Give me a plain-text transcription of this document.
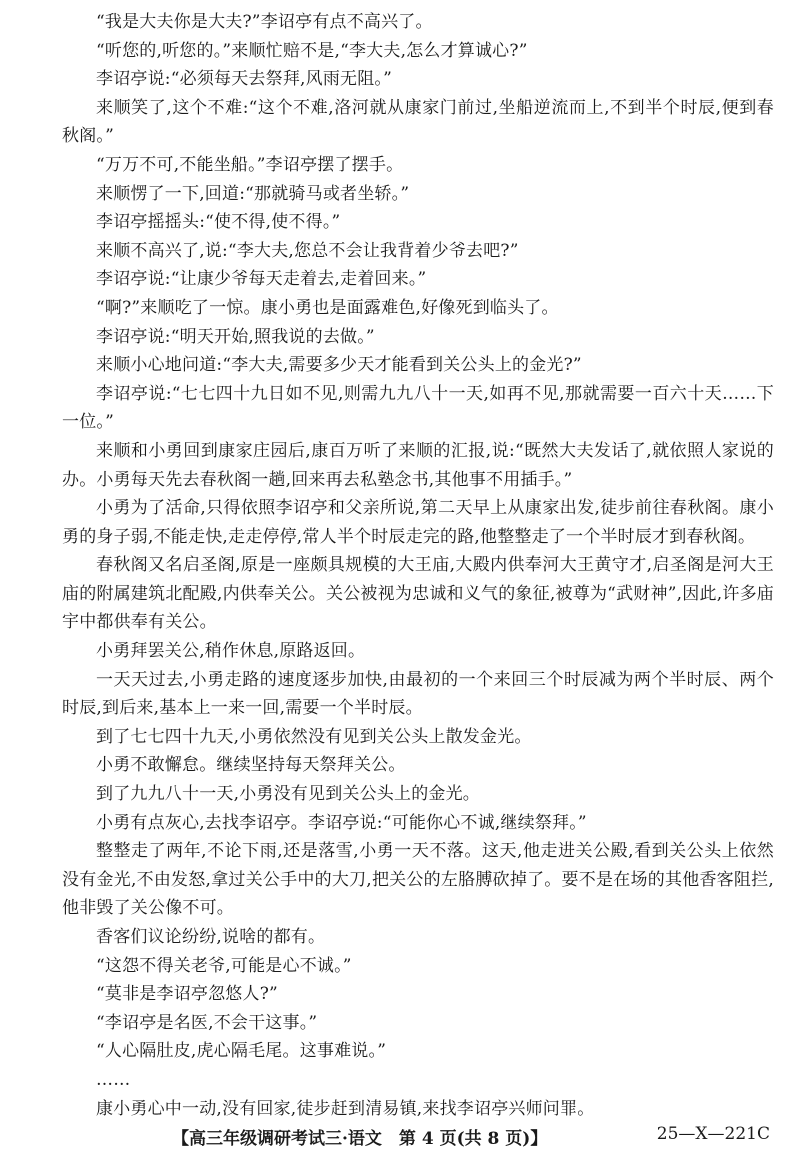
“我是大夫你是大夫?”李诏亭有点不高兴了。

“听您的,听您的。”来顺忙赔不是,“李大夫,怎么才算诚心?”

李诏亭说:“必须每天去祭拜,风雨无阻。”

来顺笑了,这个不难:“这个不难,洛河就从康家门前过,坐船逆流而上,不到半个时辰,便到春秋阁。”

“万万不可,不能坐船。”李诏亭摆了摆手。

来顺愣了一下,回道:“那就骑马或者坐轿。”

李诏亭摇摇头:“使不得,使不得。”

来顺不高兴了,说:“李大夫,您总不会让我背着少爷去吧?”

李诏亭说:“让康少爷每天走着去,走着回来。”

“啊?”来顺吃了一惊。康小勇也是面露难色,好像死到临头了。

李诏亭说:“明天开始,照我说的去做。”

来顺小心地问道:“李大夫,需要多少天才能看到关公头上的金光?”

李诏亭说:“七七四十九日如不见,则需九九八十一天,如再不见,那就需要一百六十天……下一位。”

来顺和小勇回到康家庄园后,康百万听了来顺的汇报,说:“既然大夫发话了,就依照人家说的办。小勇每天先去春秋阁一趟,回来再去私塾念书,其他事不用插手。”

小勇为了活命,只得依照李诏亭和父亲所说,第二天早上从康家出发,徒步前往春秋阁。康小勇的身子弱,不能走快,走走停停,常人半个时辰走完的路,他整整走了一个半时辰才到春秋阁。

春秋阁又名启圣阁,原是一座颇具规模的大王庙,大殿内供奉河大王黄守才,启圣阁是河大王庙的附属建筑北配殿,内供奉关公。关公被视为忠诚和义气的象征,被尊为“武财神”,因此,许多庙宇中都供奉有关公。

小勇拜罢关公,稍作休息,原路返回。

一天天过去,小勇走路的速度逐步加快,由最初的一个来回三个时辰减为两个半时辰、两个时辰,到后来,基本上一来一回,需要一个半时辰。

到了七七四十九天,小勇依然没有见到关公头上散发金光。

小勇不敢懈怠。继续坚持每天祭拜关公。

到了九九八十一天,小勇没有见到关公头上的金光。

小勇有点灰心,去找李诏亭。李诏亭说:“可能你心不诚,继续祭拜。”

整整走了两年,不论下雨,还是落雪,小勇一天不落。这天,他走进关公殿,看到关公头上依然没有金光,不由发怒,拿过关公手中的大刀,把关公的左胳膊砍掉了。要不是在场的其他香客阻拦,他非毁了关公像不可。

香客们议论纷纷,说啥的都有。

“这怨不得关老爷,可能是心不诚。”

“莫非是李诏亭忽悠人?”

“李诏亭是名医,不会干这事。”

“人心隔肚皮,虎心隔毛尾。这事难说。”

……

康小勇心中一动,没有回家,徒步赶到清易镇,来找李诏亭兴师问罪。

【高三年级调研考试三·语文　第 4 页(共 8 页)】	25—X—221C
